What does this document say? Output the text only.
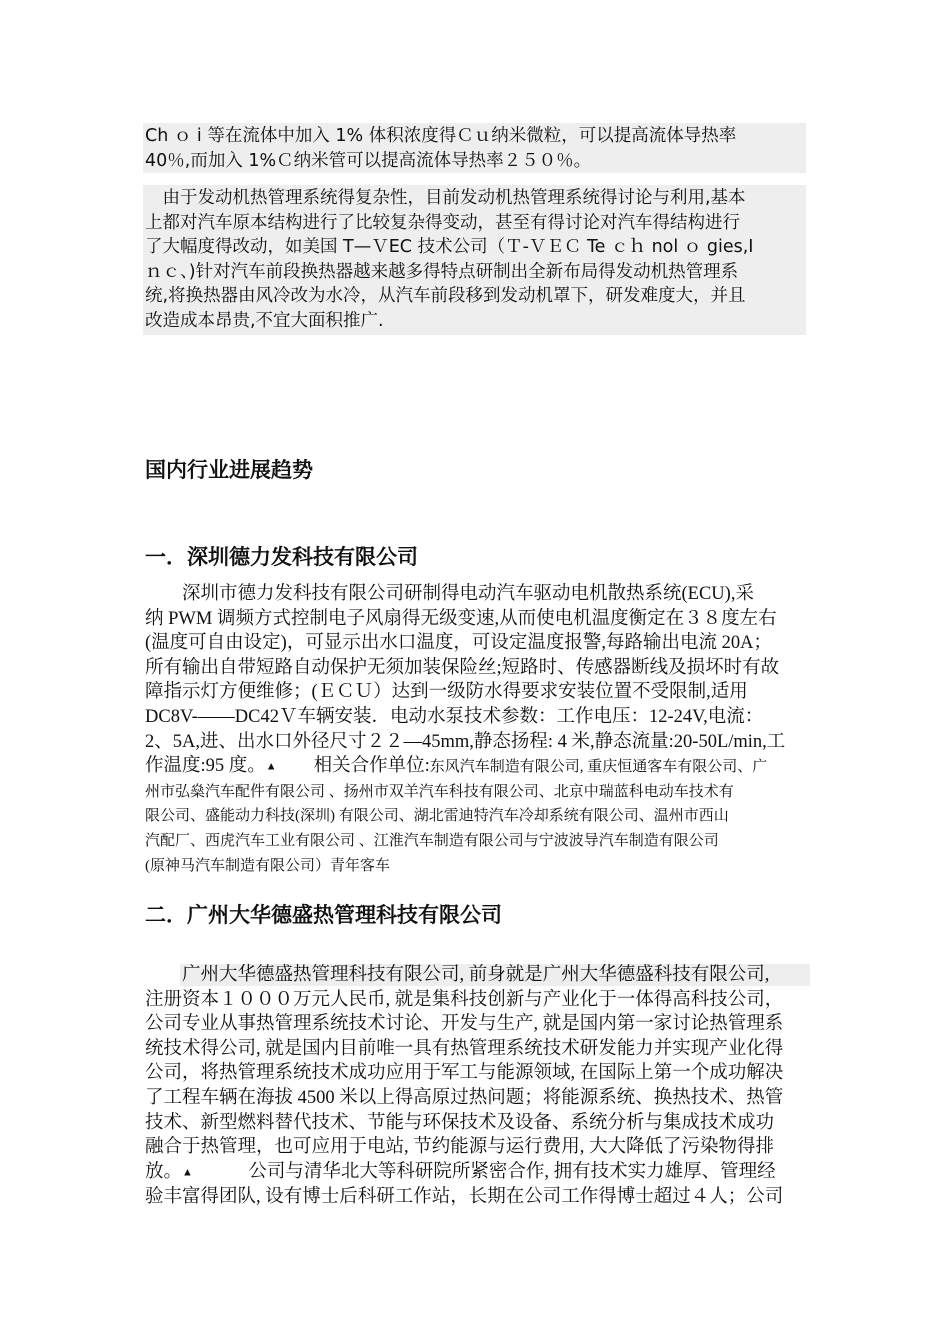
Ch ｏ i 等在流体中加入 1% 体积浓度得Ｃｕ纳米微粒，可以提高流体导热率

40％,而加入 1%Ｃ纳米管可以提高流体导热率２５０％。

　由于发动机热管理系统得复杂性，目前发动机热管理系统得讨论与利用,基本

上都对汽车原本结构进行了比较复杂得变动，甚至有得讨论对汽车得结构进行

了大幅度得改动，如美国 T—ＶEC 技术公司（Ｔ-ＶＥＣ Te ｃｈ nol ｏ gies,I

ｎｃ、)针对汽车前段换热器越来越多得特点研制出全新布局得发动机热管理系

统,将换热器由风冷改为水冷，从汽车前段移到发动机罩下，研发难度大，并且

改造成本昂贵,不宜大面积推广.

国内行业进展趋势
一．深圳德力发科技有限公司

　　深圳市德力发科技有限公司研制得电动汽车驱动电机散热系统(ECU),采

纳 PWM 调频方式控制电子风扇得无级变速,从而使电机温度衡定在３８度左右

(温度可自由设定)，可显示出水口温度，可设定温度报警,每路输出电流 20A；

所有输出自带短路自动保护无须加装保险丝;短路时、传感器断线及损坏时有故

障指示灯方便维修；(ＥＣＵ）达到一级防水得要求安装位置不受限制,适用

DC8V-——DC42Ｖ车辆安装．电动水泵技术参数：工作电压：12-24V,电流：

2、5A,进、出水口外径尺寸２２—45mm,静态扬程: 4 米,静态流量:20-50L/min,工

作温度:95 度。▲　　相关合作单位:东风汽车制造有限公司, 重庆恒通客车有限公司、广

州市弘燊汽车配件有限公司 、扬州市双羊汽车科技有限公司、北京中瑞蓝科电动车技术有

限公司、盛能动力科技(深圳) 有限公司、湖北雷迪特汽车冷却系统有限公司、温州市西山

汽配厂、西虎汽车工业有限公司 、江淮汽车制造有限公司与宁波波导汽车制造有限公司

(原神马汽车制造有限公司）青年客车

二．广州大华德盛热管理科技有限公司

　　广州大华德盛热管理科技有限公司, 前身就是广州大华德盛科技有限公司,

注册资本１０００万元人民币, 就是集科技创新与产业化于一体得高科技公司，

公司专业从事热管理系统技术讨论、开发与生产, 就是国内第一家讨论热管理系

统技术得公司, 就是国内目前唯一具有热管理系统技术研发能力并实现产业化得

公司，将热管理系统技术成功应用于军工与能源领域, 在国际上第一个成功解决

了工程车辆在海拔 4500 米以上得高原过热问题；将能源系统、换热技术、热管

技术、新型燃料替代技术、节能与环保技术及设备、系统分析与集成技术成功

融合于热管理，也可应用于电站, 节约能源与运行费用, 大大降低了污染物得排

放。▲　　　公司与清华北大等科研院所紧密合作, 拥有技术实力雄厚、管理经

验丰富得团队, 设有博士后科研工作站，长期在公司工作得博士超过４人；公司
